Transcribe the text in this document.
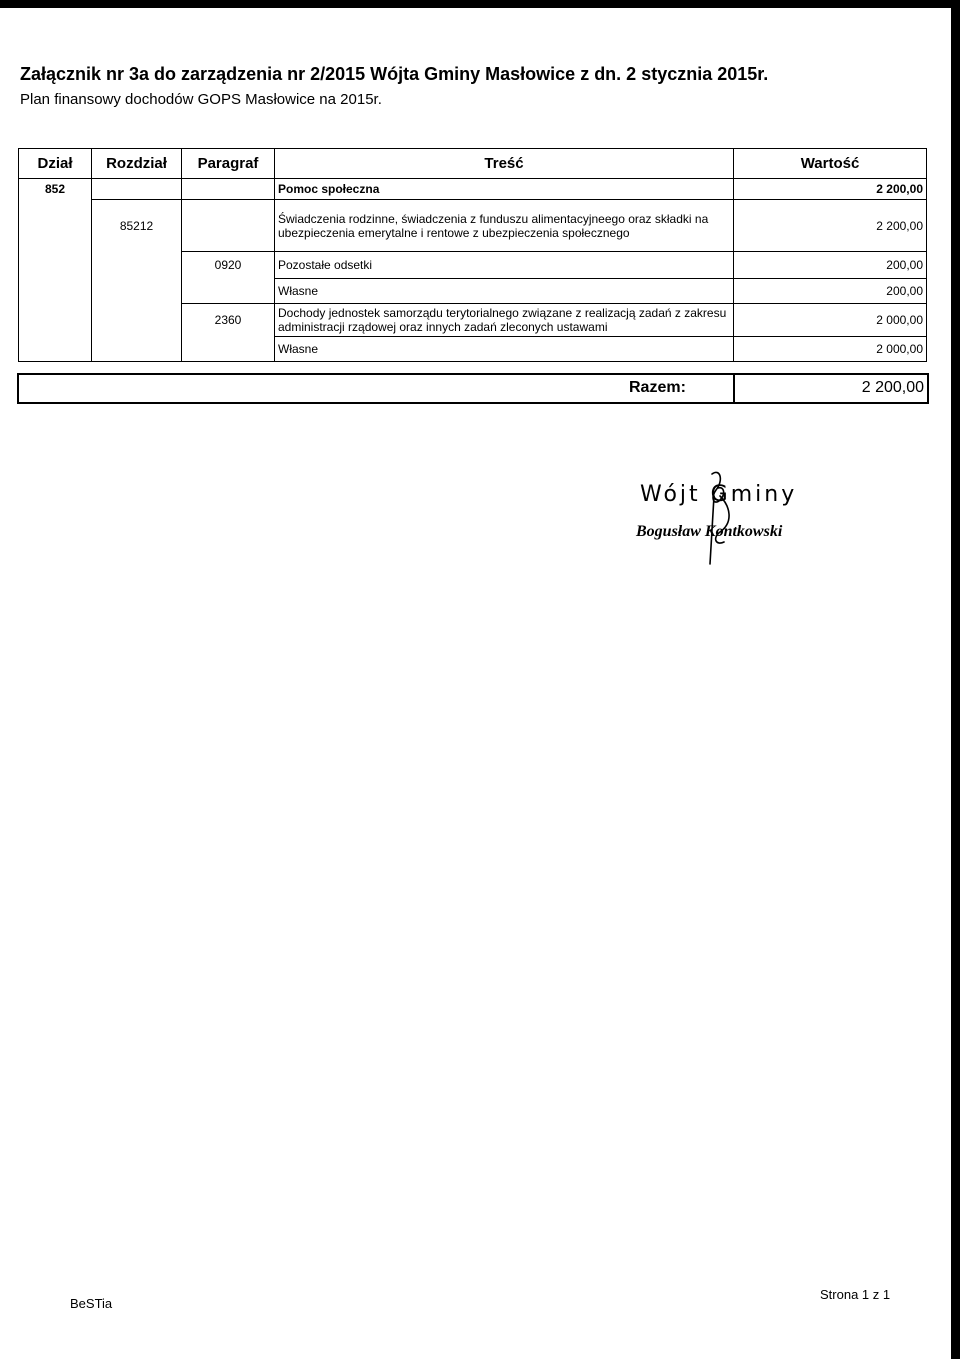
Załącznik nr 3a do zarządzenia nr 2/2015 Wójta Gminy Masłowice z dn. 2 stycznia 2015r.
Plan finansowy dochodów GOPS Masłowice na 2015r.
Dział	Rozdział	Paragraf	Treść	Wartość
852			Pomoc społeczna	2 200,00
	85212		Świadczenia rodzinne, świadczenia z funduszu alimentacyjneego oraz składki na ubezpieczenia emerytalne i rentowe z ubezpieczenia społecznego	2 200,00
		0920	Pozostałe odsetki	200,00
			Własne	200,00
		2360	Dochody jednostek samorządu terytorialnego związane z realizacją zadań z zakresu administracji rządowej oraz innych zadań zleconych ustawami	2 000,00
			Własne	2 000,00
Razem:	2 200,00
Wójt Gminy
Bogusław Kontkowski
BeSTia
Strona 1 z 1
